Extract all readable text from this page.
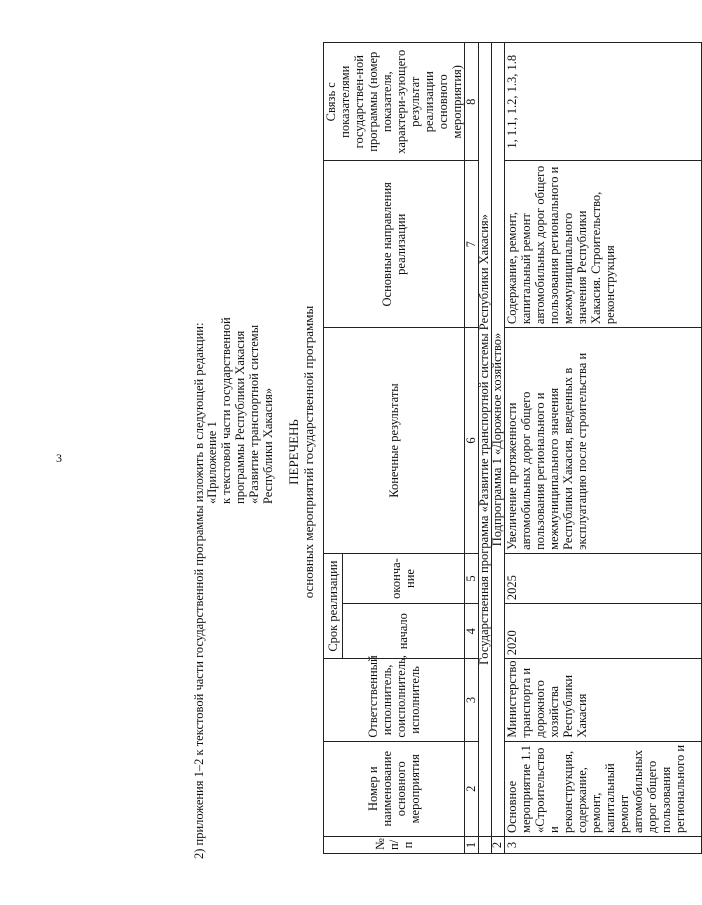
3	2) приложения 1–2 к текстовой части государственной программы изложить в следующей редакции: «Приложение 1 к текстовой части государственной программы Республики Хакасия «Развитие транспортной системы Республики Хакасия» ПЕРЕЧЕНЬ основных мероприятий государственной программы
№ п/п	Номер и наименование основного мероприятия	Ответственный исполнитель, соисполнитель, исполнитель	Срок реализации		Конечные результаты	Основные направления реализации	Связь с показателями государствен-ной программы (номер показателя, характери-зующего результат реализации основного мероприятия)
			начало	оконча-ние			
1	2	3	4	5	6	7	8
	Государственная программа «Развитие транспортной системы Республики Хакасия»						
2	Подпрограмма 1 «Дорожное хозяйство»						
3	Основное мероприятие 1.1 «Строительство и реконструкция, содержание, ремонт, капитальный ремонт автомобильных дорог общего пользования регионального и	Министерство транспорта и дорожного хозяйства Республики Хакасия	2020	2025	Увеличение протяженности автомобильных дорог общего пользования регионального и межмуниципального значения Республики Хакасия, введенных в эксплуатацию после строительства и	Содержание, ремонт, капитальный ремонт автомобильных дорог общего пользования регионального и межмуниципального значения Республики Хакасия. Строительство, реконструкция	1, 1.1, 1.2, 1.3, 1.8
